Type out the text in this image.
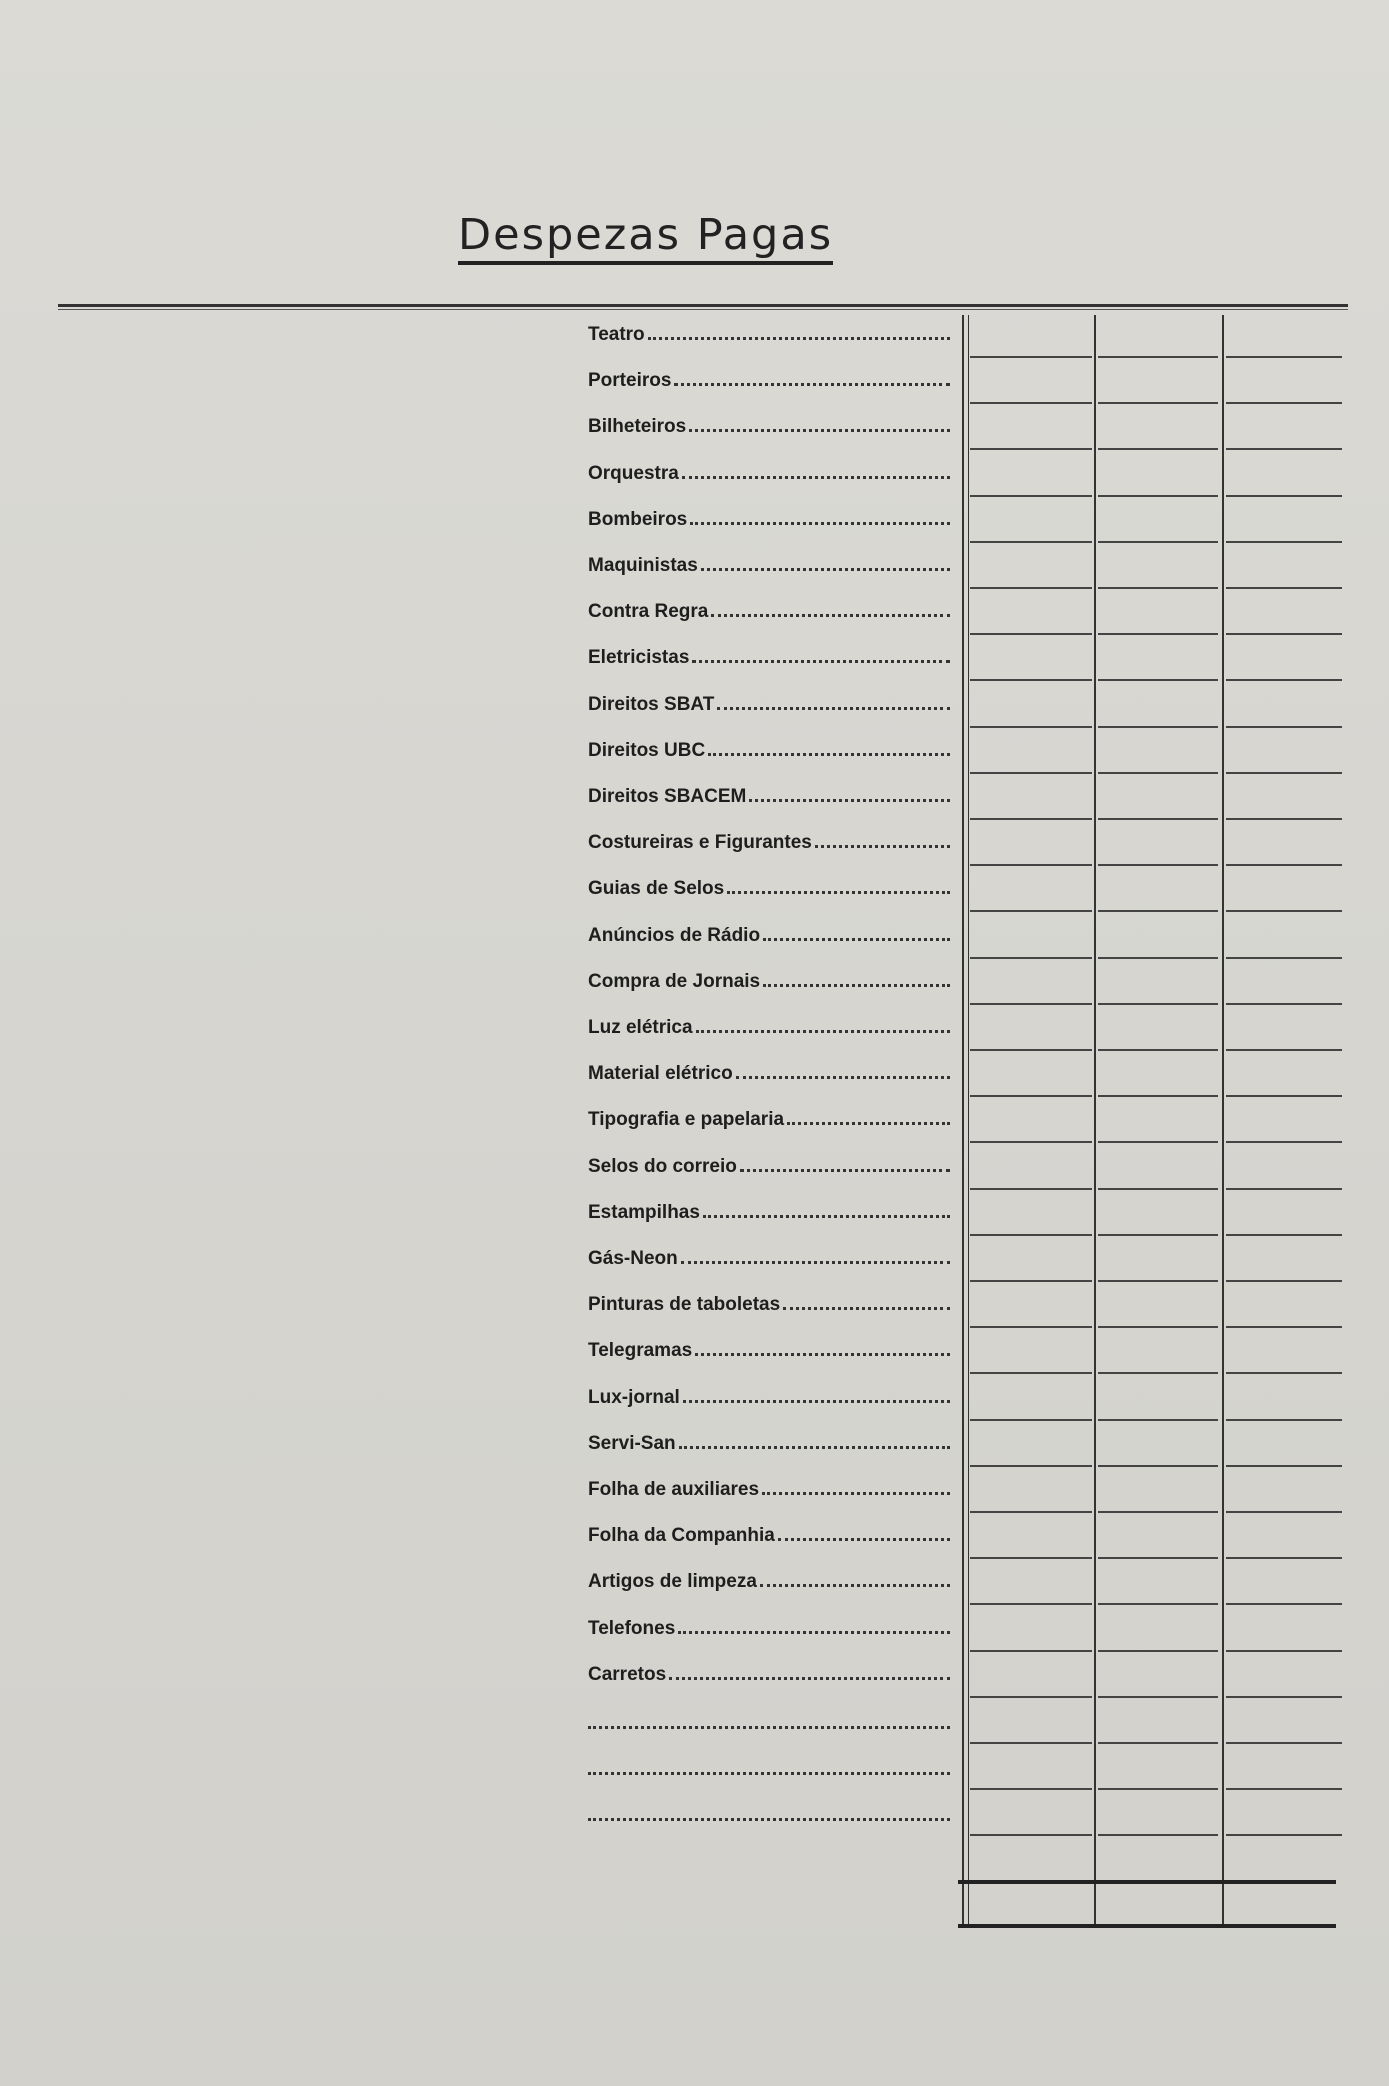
Despezas Pagas
Teatro
Porteiros
Bilheteiros
Orquestra
Bombeiros
Maquinistas
Contra Regra
Eletricistas
Direitos SBAT
Direitos UBC
Direitos SBACEM
Costureiras e Figurantes
Guias de Selos
Anúncios de Rádio
Compra de Jornais
Luz elétrica
Material elétrico
Tipografia e papelaria
Selos do correio
Estampilhas
Gás-Neon
Pinturas de taboletas
Telegramas
Lux-jornal
Servi-San
Folha de auxiliares
Folha da Companhia
Artigos de limpeza
Telefones
Carretos
